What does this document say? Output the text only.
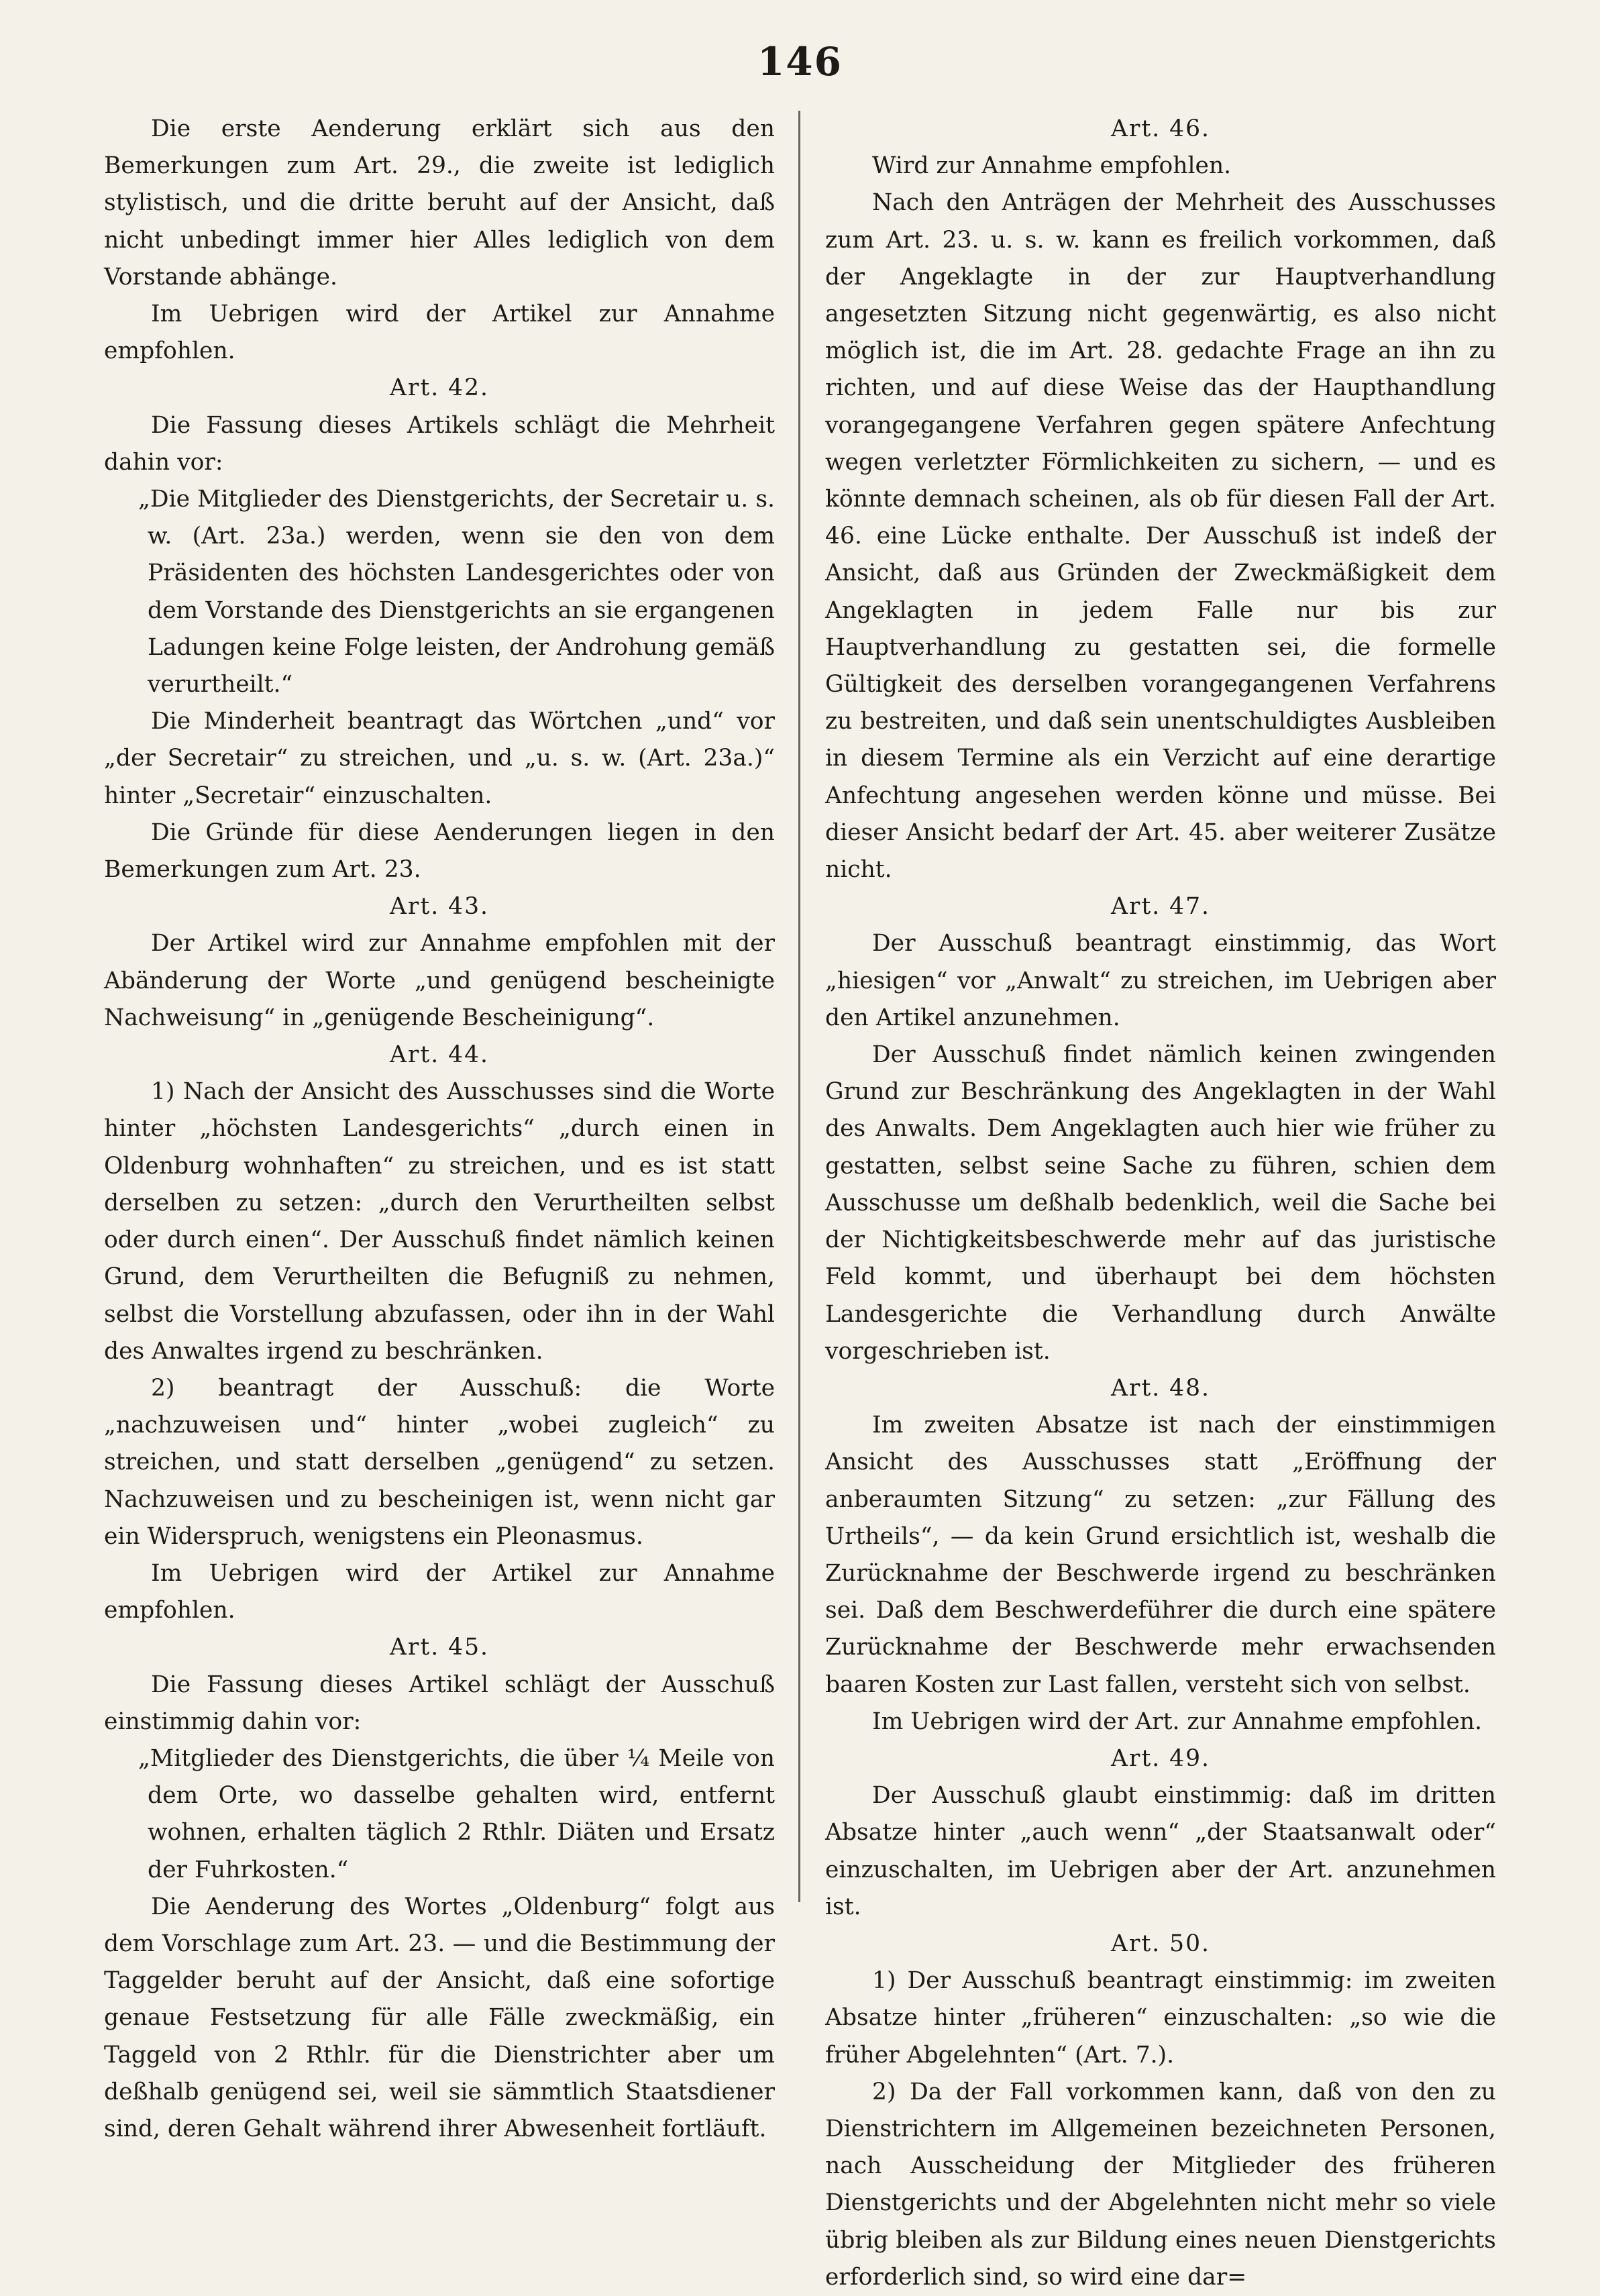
146

Die erste Aenderung erklärt sich aus den Bemerkungen zum Art. 29., die zweite ist lediglich stylistisch, und die dritte beruht auf der Ansicht, daß nicht unbedingt immer hier Alles lediglich von dem Vorstande abhänge.

Im Uebrigen wird der Artikel zur Annahme empfohlen.

Art. 42.

Die Fassung dieses Artikels schlägt die Mehrheit dahin vor:

„Die Mitglieder des Dienstgerichts, der Secretair u. s. w. (Art. 23a.) werden, wenn sie den von dem Präsidenten des höchsten Landesgerichtes oder von dem Vorstande des Dienstgerichts an sie ergangenen Ladungen keine Folge leisten, der Androhung gemäß verurtheilt.“

Die Minderheit beantragt das Wörtchen „und“ vor „der Secretair“ zu streichen, und „u. s. w. (Art. 23a.)“ hinter „Secretair“ einzuschalten.

Die Gründe für diese Aenderungen liegen in den Bemerkungen zum Art. 23.

Art. 43.

Der Artikel wird zur Annahme empfohlen mit der Abänderung der Worte „und genügend bescheinigte Nachweisung“ in „genügende Bescheinigung“.

Art. 44.

1) Nach der Ansicht des Ausschusses sind die Worte hinter „höchsten Landesgerichts“ „durch einen in Oldenburg wohnhaften“ zu streichen, und es ist statt derselben zu setzen: „durch den Verurtheilten selbst oder durch einen“. Der Ausschuß findet nämlich keinen Grund, dem Verurtheilten die Befugniß zu nehmen, selbst die Vorstellung abzufassen, oder ihn in der Wahl des Anwaltes irgend zu beschränken.

2) beantragt der Ausschuß: die Worte „nachzuweisen und“ hinter „wobei zugleich“ zu streichen, und statt derselben „genügend“ zu setzen. Nachzuweisen und zu bescheinigen ist, wenn nicht gar ein Widerspruch, wenigstens ein Pleonasmus.

Im Uebrigen wird der Artikel zur Annahme empfohlen.

Art. 45.

Die Fassung dieses Artikel schlägt der Ausschuß einstimmig dahin vor:

„Mitglieder des Dienstgerichts, die über ¼ Meile von dem Orte, wo dasselbe gehalten wird, entfernt wohnen, erhalten täglich 2 Rthlr. Diäten und Ersatz der Fuhrkosten.“

Die Aenderung des Wortes „Oldenburg“ folgt aus dem Vorschlage zum Art. 23. — und die Bestimmung der Taggelder beruht auf der Ansicht, daß eine sofortige genaue Festsetzung für alle Fälle zweckmäßig, ein Taggeld von 2 Rthlr. für die Dienstrichter aber um deßhalb genügend sei, weil sie sämmtlich Staatsdiener sind, deren Gehalt während ihrer Abwesenheit fortläuft.

Art. 46.

Wird zur Annahme empfohlen.

Nach den Anträgen der Mehrheit des Ausschusses zum Art. 23. u. s. w. kann es freilich vorkommen, daß der Angeklagte in der zur Hauptverhandlung angesetzten Sitzung nicht gegenwärtig, es also nicht möglich ist, die im Art. 28. gedachte Frage an ihn zu richten, und auf diese Weise das der Haupthandlung vorangegangene Verfahren gegen spätere Anfechtung wegen verletzter Förmlichkeiten zu sichern, — und es könnte demnach scheinen, als ob für diesen Fall der Art. 46. eine Lücke enthalte. Der Ausschuß ist indeß der Ansicht, daß aus Gründen der Zweckmäßigkeit dem Angeklagten in jedem Falle nur bis zur Hauptverhandlung zu gestatten sei, die formelle Gültigkeit des derselben vorangegangenen Verfahrens zu bestreiten, und daß sein unentschuldigtes Ausbleiben in diesem Termine als ein Verzicht auf eine derartige Anfechtung angesehen werden könne und müsse. Bei dieser Ansicht bedarf der Art. 45. aber weiterer Zusätze nicht.

Art. 47.

Der Ausschuß beantragt einstimmig, das Wort „hiesigen“ vor „Anwalt“ zu streichen, im Uebrigen aber den Artikel anzunehmen.

Der Ausschuß findet nämlich keinen zwingenden Grund zur Beschränkung des Angeklagten in der Wahl des Anwalts. Dem Angeklagten auch hier wie früher zu gestatten, selbst seine Sache zu führen, schien dem Ausschusse um deßhalb bedenklich, weil die Sache bei der Nichtigkeitsbeschwerde mehr auf das juristische Feld kommt, und überhaupt bei dem höchsten Landesgerichte die Verhandlung durch Anwälte vorgeschrieben ist.

Art. 48.

Im zweiten Absatze ist nach der einstimmigen Ansicht des Ausschusses statt „Eröffnung der anberaumten Sitzung“ zu setzen: „zur Fällung des Urtheils“, — da kein Grund ersichtlich ist, weshalb die Zurücknahme der Beschwerde irgend zu beschränken sei. Daß dem Beschwerdeführer die durch eine spätere Zurücknahme der Beschwerde mehr erwachsenden baaren Kosten zur Last fallen, versteht sich von selbst.

Im Uebrigen wird der Art. zur Annahme empfohlen.

Art. 49.

Der Ausschuß glaubt einstimmig: daß im dritten Absatze hinter „auch wenn“ „der Staatsanwalt oder“ einzuschalten, im Uebrigen aber der Art. anzunehmen ist.

Art. 50.

1) Der Ausschuß beantragt einstimmig: im zweiten Absatze hinter „früheren“ einzuschalten: „so wie die früher Abgelehnten“ (Art. 7.).

2) Da der Fall vorkommen kann, daß von den zu Dienstrichtern im Allgemeinen bezeichneten Personen, nach Ausscheidung der Mitglieder des früheren Dienstgerichts und der Abgelehnten nicht mehr so viele übrig bleiben als zur Bildung eines neuen Dienstgerichts erforderlich sind, so wird eine dar=
